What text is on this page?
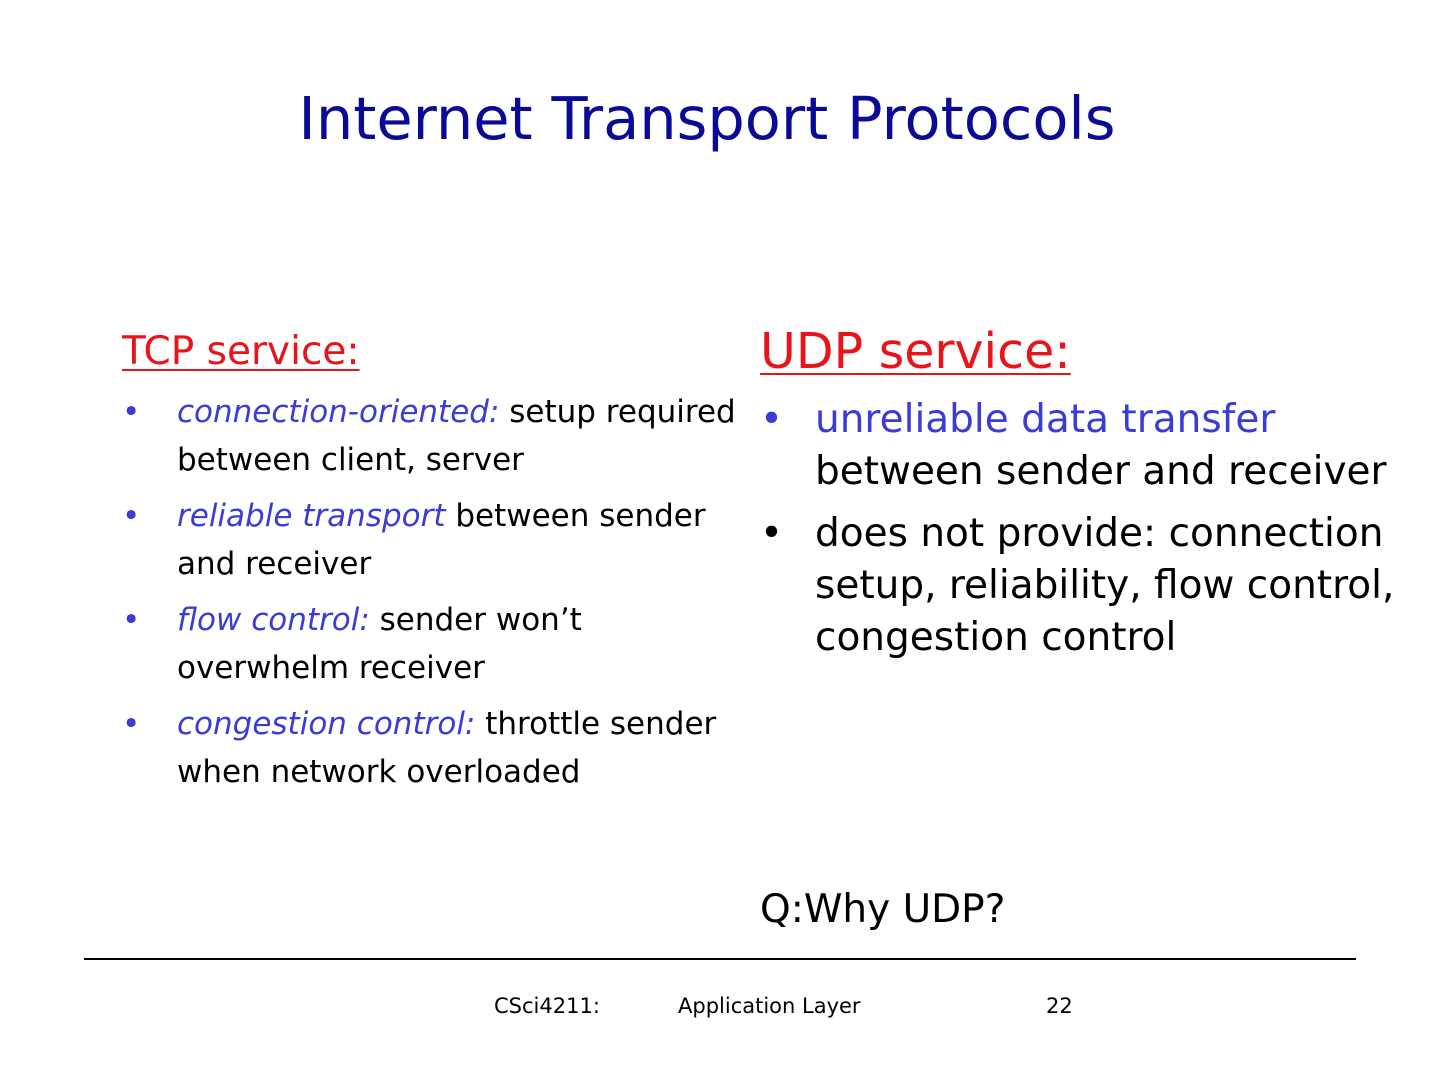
Internet Transport Protocols
TCP service:
• connection-oriented: setup required between client, server
• reliable transport between sender and receiver
• flow control: sender won’t overwhelm receiver
• congestion control: throttle sender when network overloaded
UDP service:
• unreliable data transfer between sender and receiver
• does not provide: connection setup, reliability, flow control, congestion control
Q:Why UDP?
CSci4211:	Application Layer	22
